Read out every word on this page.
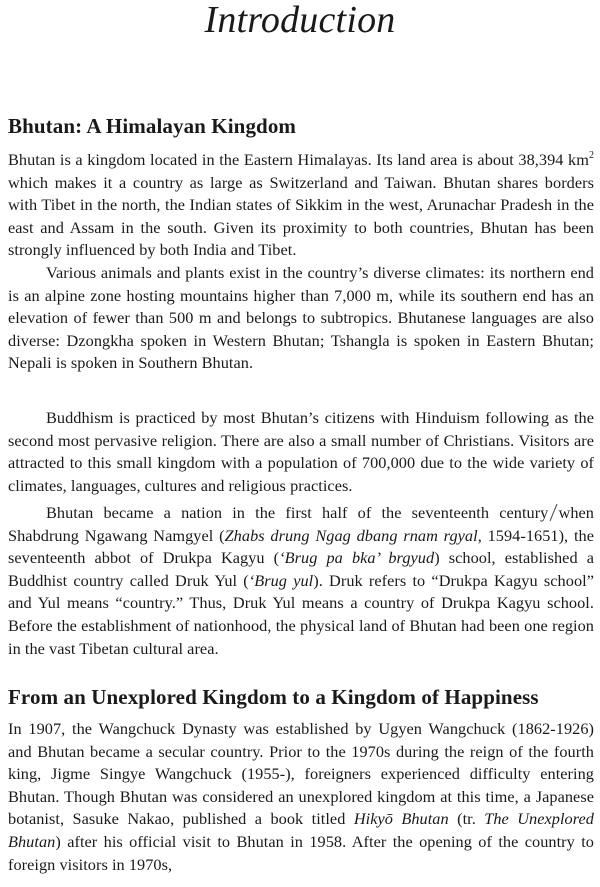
Introduction
Bhutan: A Himalayan Kingdom

Bhutan is a kingdom located in the Eastern Himalayas. Its land area is about 38,394 $km^2$ which makes it a country as large as Switzerland and Taiwan. Bhutan shares borders with Tibet in the north, the Indian states of Sikkim in the west, Arunachar Pradesh in the east and Assam in the south. Given its proximity to both countries, Bhutan has been strongly influenced by both India and Tibet.

Various animals and plants exist in the country’s diverse climates: its northern end is an alpine zone hosting mountains higher than 7,000 m, while its southern end has an elevation of fewer than 500 m and belongs to subtropics. Bhutanese languages are also diverse: Dzongkha spoken in Western Bhutan; Tshangla is spoken in Eastern Bhutan; Nepali is spoken in Southern Bhutan.

Buddhism is practiced by most Bhutan’s citizens with Hinduism following as the second most pervasive religion. There are also a small number of Christians. Visitors are attracted to this small kingdom with a population of 700,000 due to the wide variety of climates, languages, cultures and religious practices.

Bhutan became a nation in the first half of the seventeenth century when Shabdrung Ngawang Namgyel (Zhabs drung Ngag dbang rnam rgyal, 1594-1651), the seventeenth abbot of Drukpa Kagyu (‘Brug pa bka’ brgyud) school, established a Buddhist country called Druk Yul (‘Brug yul). Druk refers to “Drukpa Kagyu school” and Yul means “country.” Thus, Druk Yul means a country of Drukpa Kagyu school. Before the establishment of nationhood, the physical land of Bhutan had been one region in the vast Tibetan cultural area.

From an Unexplored Kingdom to a Kingdom of Happiness

In 1907, the Wangchuck Dynasty was established by Ugyen Wangchuck (1862-1926) and Bhutan became a secular country. Prior to the 1970s during the reign of the fourth king, Jigme Singye Wangchuck (1955-), foreigners experienced difficulty entering Bhutan. Though Bhutan was considered an unexplored kingdom at this time, a Japanese botanist, Sasuke Nakao, published a book titled Hikyō Bhutan (tr. The Unexplored Bhutan) after his official visit to Bhutan in 1958. After the opening of the country to foreign visitors in 1970s,
